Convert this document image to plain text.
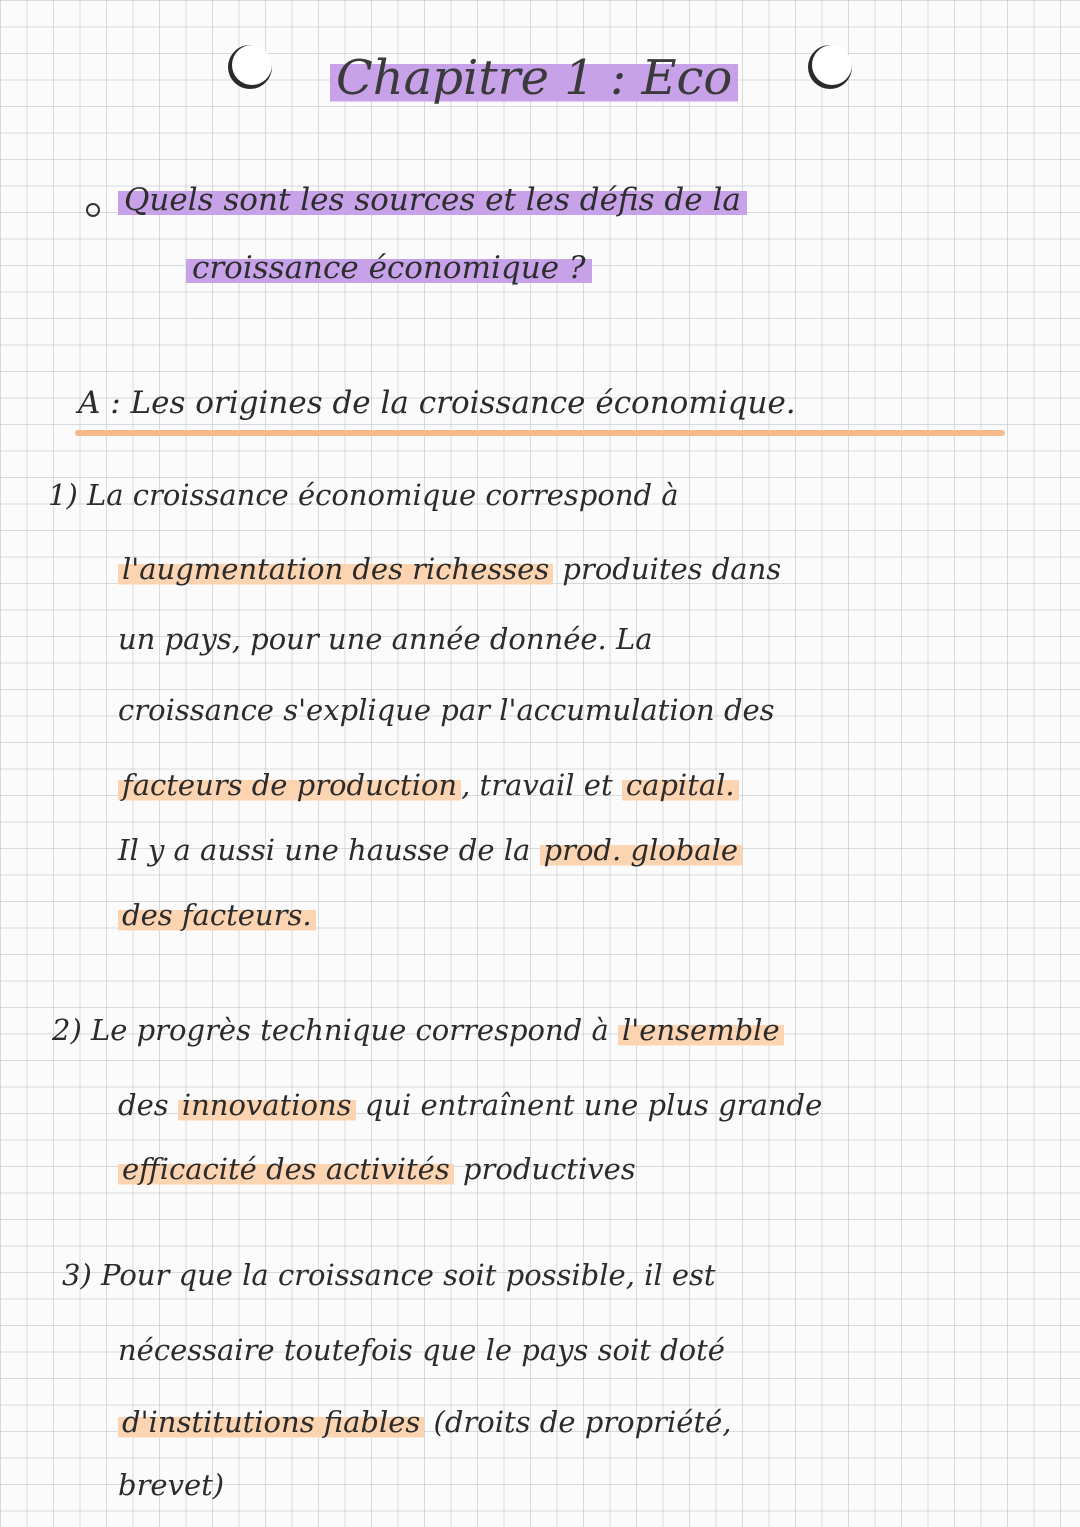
Chapitre 1 : Eco
Quels sont les sources et les défis de la
croissance économique ?
A : Les origines de la croissance économique.
1) La croissance économique correspond à
l'augmentation des richesses produites dans
un pays, pour une année donnée. La
croissance s'explique par l'accumulation des
facteurs de production , travail et capital.
Il y a aussi une hausse de la prod. globale
des facteurs.
2) Le progrès technique correspond à l'ensemble
des innovations qui entraînent une plus grande
efficacité des activités productives
3) Pour que la croissance soit possible, il est
nécessaire toutefois que le pays soit doté
d'institutions fiables (droits de propriété,
brevet)
